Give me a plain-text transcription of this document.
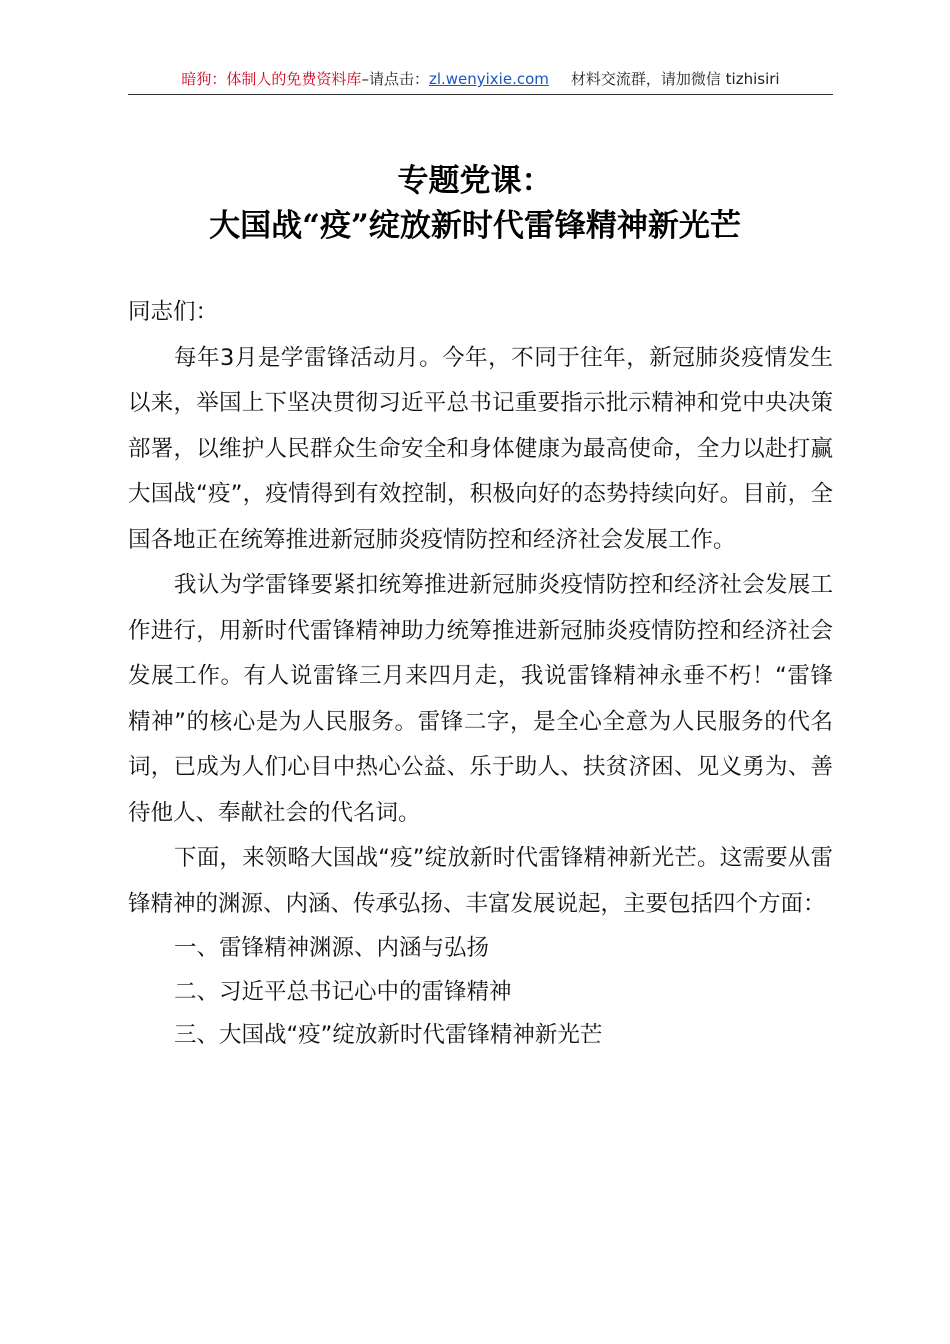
暗狗：体制人的免费资料库–请点击：zl.wenyixie.com 材料交流群，请加微信 tizhisiri
专题党课：
大国战“疫”绽放新时代雷锋精神新光芒

同志们：

每年3月是学雷锋活动月。今年，不同于往年，新冠肺炎疫情发生以来，举国上下坚决贯彻习近平总书记重要指示批示精神和党中央决策部署，以维护人民群众生命安全和身体健康为最高使命，全力以赴打赢大国战“疫”，疫情得到有效控制，积极向好的态势持续向好。目前，全国各地正在统筹推进新冠肺炎疫情防控和经济社会发展工作。

我认为学雷锋要紧扣统筹推进新冠肺炎疫情防控和经济社会发展工作进行，用新时代雷锋精神助力统筹推进新冠肺炎疫情防控和经济社会发展工作。有人说雷锋三月来四月走，我说雷锋精神永垂不朽！“雷锋精神”的核心是为人民服务。雷锋二字，是全心全意为人民服务的代名词，已成为人们心目中热心公益、乐于助人、扶贫济困、见义勇为、善待他人、奉献社会的代名词。

下面，来领略大国战“疫”绽放新时代雷锋精神新光芒。这需要从雷锋精神的渊源、内涵、传承弘扬、丰富发展说起，主要包括四个方面：

一、雷锋精神渊源、内涵与弘扬

二、习近平总书记心中的雷锋精神

三、大国战“疫”绽放新时代雷锋精神新光芒
